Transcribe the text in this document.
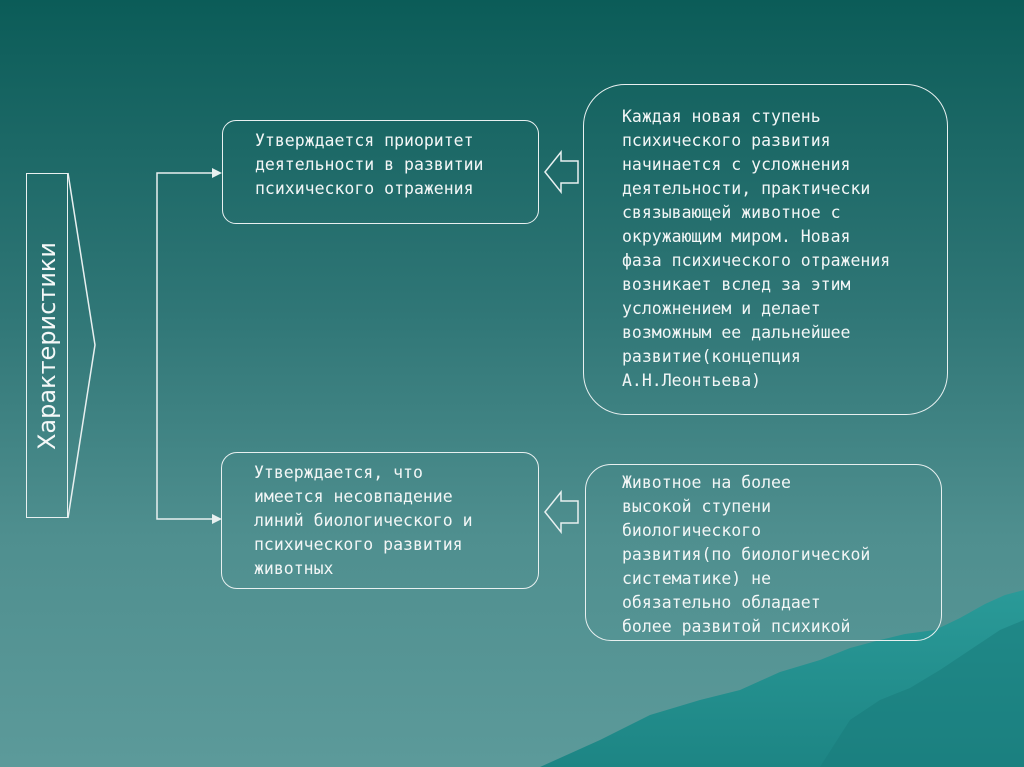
Характеристики
Утверждается приоритет
деятельности в развитии
психического отражения
Утверждается, что
имеется несовпадение
линий биологического и
психического развития
животных
Каждая новая ступень
психического развития
начинается с усложнения
деятельности, практически
связывающей животное с
окружающим миром. Новая
фаза психического отражения
возникает вслед за этим
усложнением и делает
возможным ее дальнейшее
развитие(концепция
А.Н.Леонтьева)
Животное на более
высокой ступени
биологического
развития(по биологической
систематике) не
обязательно обладает
более развитой психикой
